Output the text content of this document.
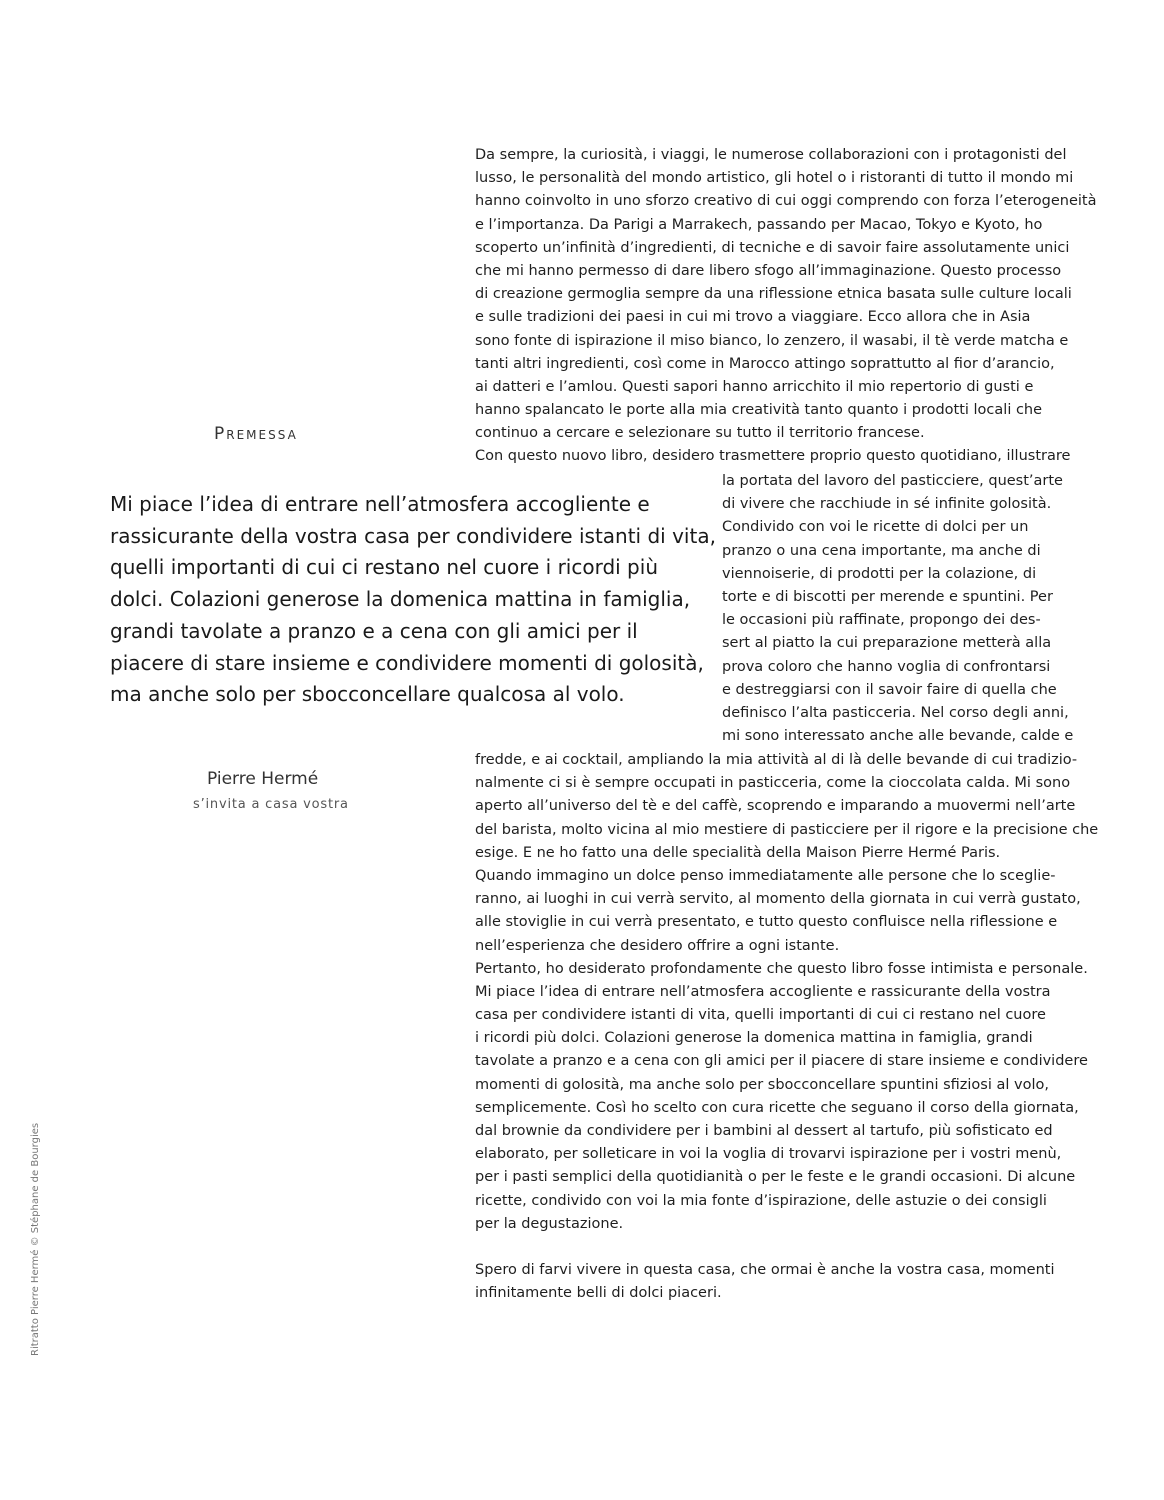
Premessa

Mi piace l’idea di entrare nell’atmosfera accogliente e
rassicurante della vostra casa per condividere istanti di vita,
quelli importanti di cui ci restano nel cuore i ricordi più
dolci. Colazioni generose la domenica mattina in famiglia,
grandi tavolate a pranzo e a cena con gli amici per il
piacere di stare insieme e condividere momenti di golosità,
ma anche solo per sbocconcellare qualcosa al volo.

Pierre Hermé

s’invita a casa vostra

Ritratto Pierre Hermé © Stéphane de Bourgies
Da sempre, la curiosità, i viaggi, le numerose collaborazioni con i protagonisti del
lusso, le personalità del mondo artistico, gli hotel o i ristoranti di tutto il mondo mi
hanno coinvolto in uno sforzo creativo di cui oggi comprendo con forza l’eterogeneità
e l’importanza. Da Parigi a Marrakech, passando per Macao, Tokyo e Kyoto, ho
scoperto un’infinità d’ingredienti, di tecniche e di savoir faire assolutamente unici
che mi hanno permesso di dare libero sfogo all’immaginazione. Questo processo
di creazione germoglia sempre da una riflessione etnica basata sulle culture locali
e sulle tradizioni dei paesi in cui mi trovo a viaggiare. Ecco allora che in Asia
sono fonte di ispirazione il miso bianco, lo zenzero, il wasabi, il tè verde matcha e
tanti altri ingredienti, così come in Marocco attingo soprattutto al fior d’arancio,
ai datteri e l’amlou. Questi sapori hanno arricchito il mio repertorio di gusti e
hanno spalancato le porte alla mia creatività tanto quanto i prodotti locali che
continuo a cercare e selezionare su tutto il territorio francese.
Con questo nuovo libro, desidero trasmettere proprio questo quotidiano, illustrare
la portata del lavoro del pasticciere, quest’arte
di vivere che racchiude in sé infinite golosità.
Condivido con voi le ricette di dolci per un
pranzo o una cena importante, ma anche di
viennoiserie, di prodotti per la colazione, di
torte e di biscotti per merende e spuntini. Per
le occasioni più raffinate, propongo dei des-
sert al piatto la cui preparazione metterà alla
prova coloro che hanno voglia di confrontarsi
e destreggiarsi con il savoir faire di quella che
definisco l’alta pasticceria. Nel corso degli anni,
mi sono interessato anche alle bevande, calde e
fredde, e ai cocktail, ampliando la mia attività al di là delle bevande di cui tradizio-
nalmente ci si è sempre occupati in pasticceria, come la cioccolata calda. Mi sono
aperto all’universo del tè e del caffè, scoprendo e imparando a muovermi nell’arte
del barista, molto vicina al mio mestiere di pasticciere per il rigore e la precisione che
esige. E ne ho fatto una delle specialità della Maison Pierre Hermé Paris.
Quando immagino un dolce penso immediatamente alle persone che lo sceglie-
ranno, ai luoghi in cui verrà servito, al momento della giornata in cui verrà gustato,
alle stoviglie in cui verrà presentato, e tutto questo confluisce nella riflessione e
nell’esperienza che desidero offrire a ogni istante.
Pertanto, ho desiderato profondamente che questo libro fosse intimista e personale.
Mi piace l’idea di entrare nell’atmosfera accogliente e rassicurante della vostra
casa per condividere istanti di vita, quelli importanti di cui ci restano nel cuore
i ricordi più dolci. Colazioni generose la domenica mattina in famiglia, grandi
tavolate a pranzo e a cena con gli amici per il piacere di stare insieme e condividere
momenti di golosità, ma anche solo per sbocconcellare spuntini sfiziosi al volo,
semplicemente. Così ho scelto con cura ricette che seguano il corso della giornata,
dal brownie da condividere per i bambini al dessert al tartufo, più sofisticato ed
elaborato, per solleticare in voi la voglia di trovarvi ispirazione per i vostri menù,
per i pasti semplici della quotidianità o per le feste e le grandi occasioni. Di alcune
ricette, condivido con voi la mia fonte d’ispirazione, delle astuzie o dei consigli
per la degustazione.
Spero di farvi vivere in questa casa, che ormai è anche la vostra casa, momenti
infinitamente belli di dolci piaceri.
